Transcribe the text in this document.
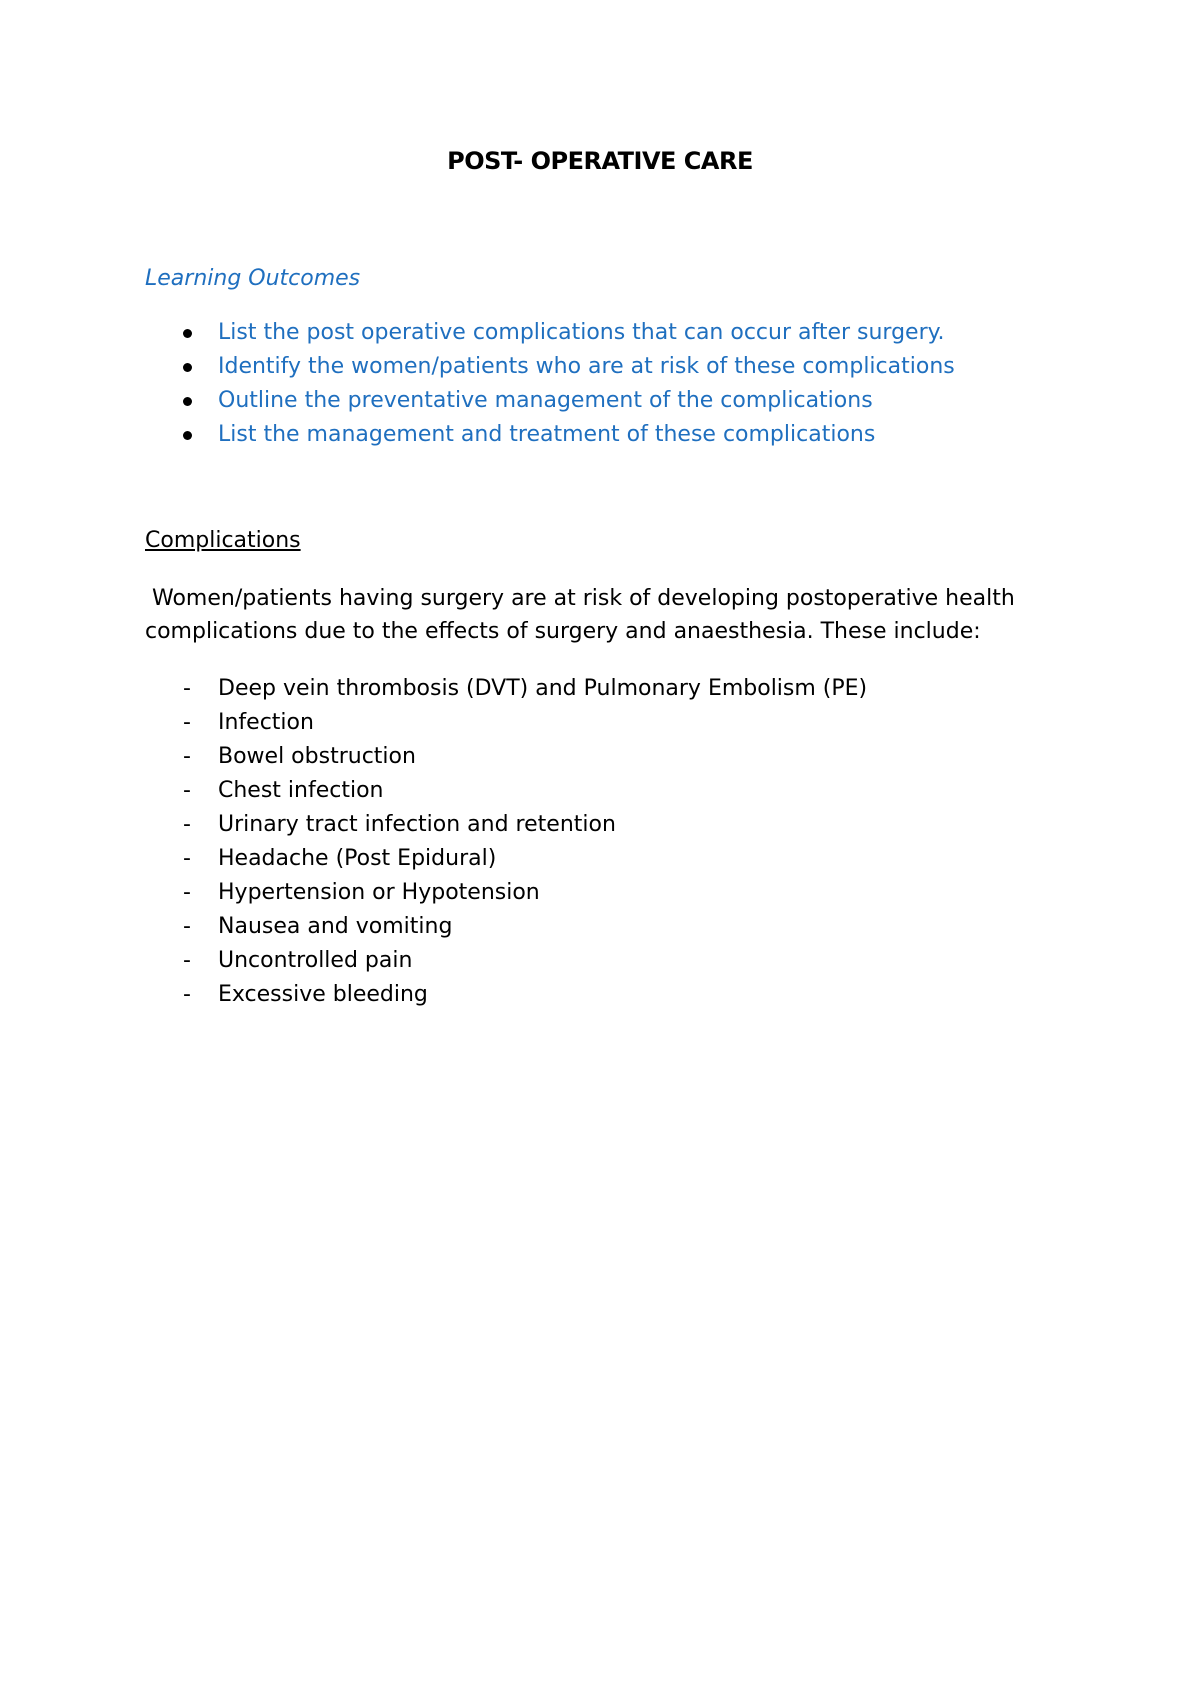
POST- OPERATIVE CARE

Learning Outcomes

List the post operative complications that can occur after surgery.
Identify the women/patients who are at risk of these complications
Outline the preventative management of the complications
List the management and treatment of these complications

Complications

Women/patients having surgery are at risk of developing postoperative health complications due to the effects of surgery and anaesthesia. These include:

- Deep vein thrombosis (DVT) and Pulmonary Embolism (PE)
- Infection
- Bowel obstruction
- Chest infection
- Urinary tract infection and retention
- Headache (Post Epidural)
- Hypertension or Hypotension
- Nausea and vomiting
- Uncontrolled pain
- Excessive bleeding
